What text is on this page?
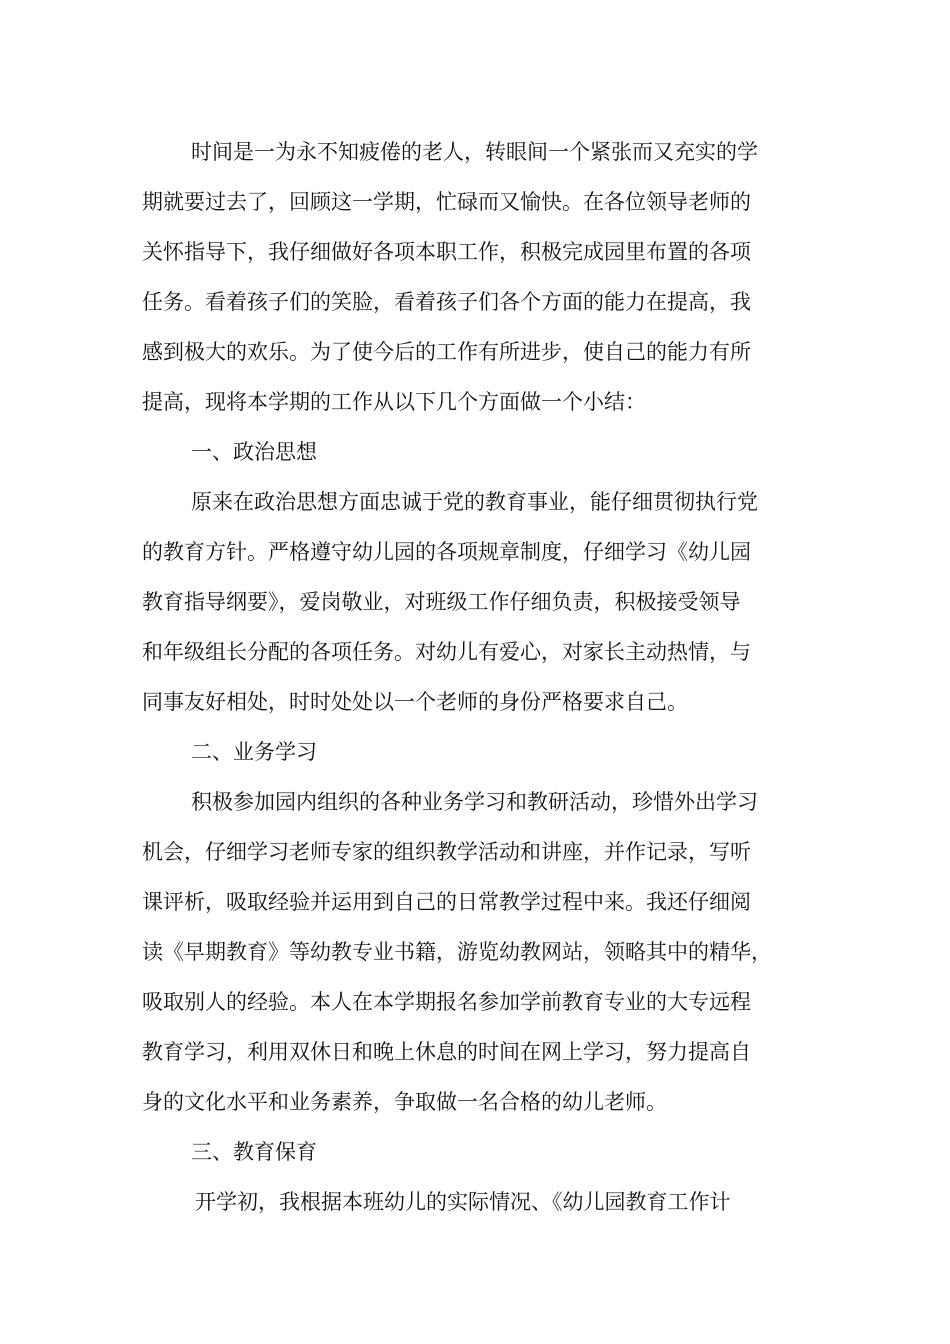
时间是一为永不知疲倦的老人，转眼间一个紧张而又充实的学
期就要过去了，回顾这一学期，忙碌而又愉快。在各位领导老师的
关怀指导下，我仔细做好各项本职工作，积极完成园里布置的各项
任务。看着孩子们的笑脸，看着孩子们各个方面的能力在提高，我
感到极大的欢乐。为了使今后的工作有所进步，使自己的能力有所
提高，现将本学期的工作从以下几个方面做一个小结：
一、政治思想
原来在政治思想方面忠诚于党的教育事业，能仔细贯彻执行党
的教育方针。严格遵守幼儿园的各项规章制度，仔细学习《幼儿园
教育指导纲要》，爱岗敬业，对班级工作仔细负责，积极接受领导
和年级组长分配的各项任务。对幼儿有爱心，对家长主动热情，与
同事友好相处，时时处处以一个老师的身份严格要求自己。
二、业务学习
积极参加园内组织的各种业务学习和教研活动，珍惜外出学习
机会，仔细学习老师专家的组织教学活动和讲座，并作记录，写听
课评析，吸取经验并运用到自己的日常教学过程中来。我还仔细阅
读《早期教育》等幼教专业书籍，游览幼教网站，领略其中的精华，
吸取别人的经验。本人在本学期报名参加学前教育专业的大专远程
教育学习，利用双休日和晚上休息的时间在网上学习，努力提高自
身的文化水平和业务素养，争取做一名合格的幼儿老师。
三、教育保育
开学初，我根据本班幼儿的实际情况、《幼儿园教育工作计
